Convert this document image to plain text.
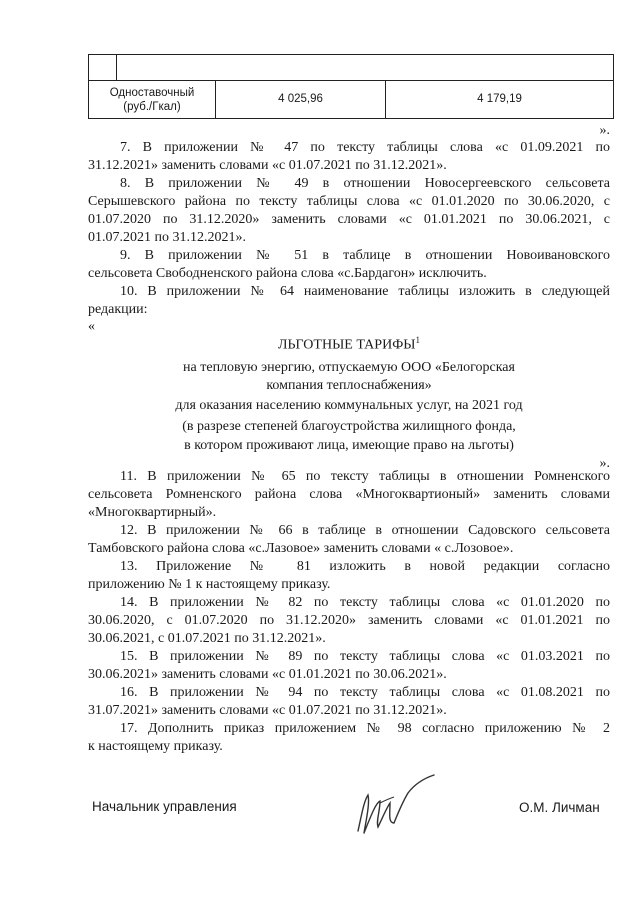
Одноставочный
(руб./Гкал)
4 025,96	4 179,19
».
7. В приложении № 47 по тексту таблицы слова «с 01.09.2021 по
31.12.2021» заменить словами «с 01.07.2021 по 31.12.2021».
8. В приложении № 49 в отношении Новосергеевского сельсовета
Серышевского района по тексту таблицы слова «с 01.01.2020 по 30.06.2020, с
01.07.2020 по 31.12.2020» заменить словами «с 01.01.2021 по 30.06.2021, с
01.07.2021 по 31.12.2021».
9. В приложении № 51 в таблице в отношении Новоивановского
сельсовета Свободненского района слова «с.Бардагон» исключить.
10. В приложении № 64 наименование таблицы изложить в следующей
редакции:
«
ЛЬГОТНЫЕ ТАРИФЫ$^1$
на тепловую энергию, отпускаемую ООО «Белогорская
компания теплоснабжения»
для оказания населению коммунальных услуг, на 2021 год
(в разрезе степеней благоустройства жилищного фонда,
в котором проживают лица, имеющие право на льготы)
».
11. В приложении № 65 по тексту таблицы в отношении Ромненского
сельсовета Ромненского района слова «Многоквартионый» заменить словами
«Многоквартирный».
12. В приложении № 66 в таблице в отношении Садовского сельсовета
Тамбовского района слова «с.Лазовое» заменить словами « с.Лозовое».
13. Приложение № 81 изложить в новой редакции согласно
приложению № 1 к настоящему приказу.
14. В приложении № 82 по тексту таблицы слова «с 01.01.2020 по
30.06.2020, с 01.07.2020 по 31.12.2020» заменить словами «с 01.01.2021 по
30.06.2021, с 01.07.2021 по 31.12.2021».
15. В приложении № 89 по тексту таблицы слова «с 01.03.2021 по
30.06.2021» заменить словами «с 01.01.2021 по 30.06.2021».
16. В приложении № 94 по тексту таблицы слова «с 01.08.2021 по
31.07.2021» заменить словами «с 01.07.2021 по 31.12.2021».
17. Дополнить приказ приложением № 98 согласно приложению № 2
к настоящему приказу.
Начальник управления	О.М. Личман
